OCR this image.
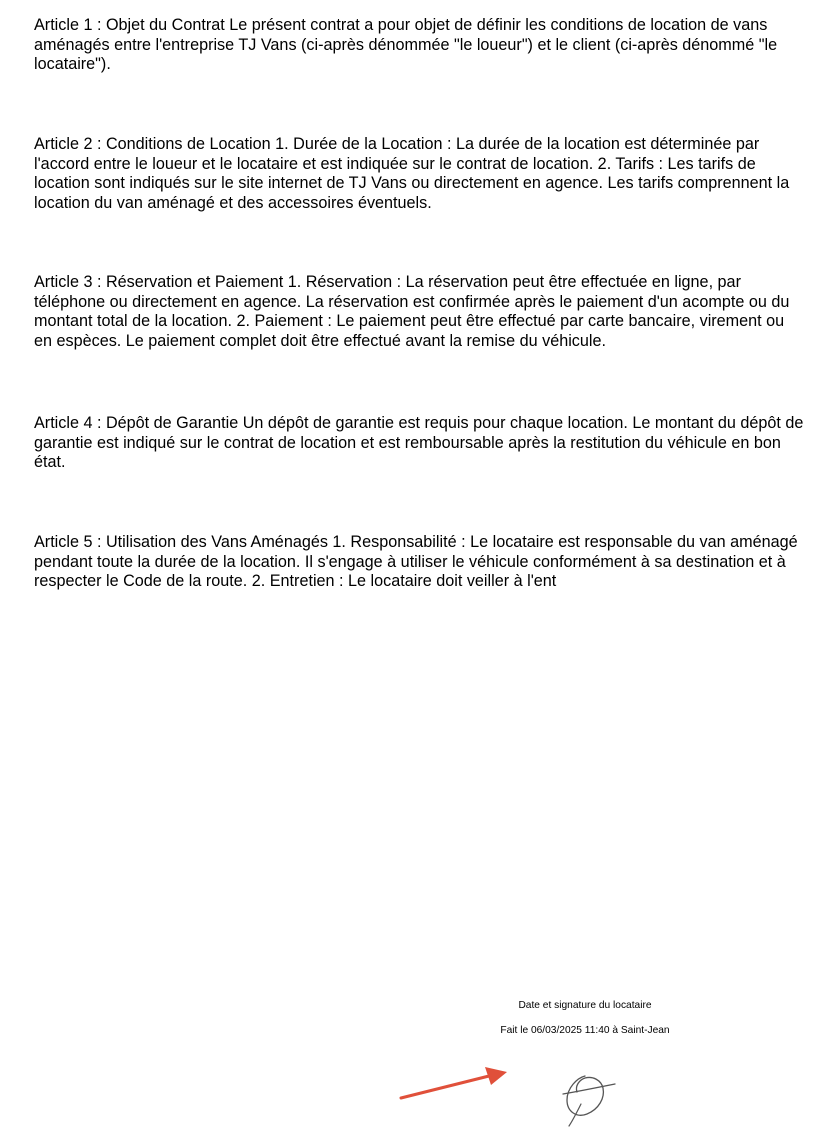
Article 1 : Objet du Contrat Le présent contrat a pour objet de définir les conditions de location de vans aménagés entre l'entreprise TJ Vans (ci-après dénommée "le loueur") et le client (ci-après dénommé "le locataire").

Article 2 : Conditions de Location 1. Durée de la Location : La durée de la location est déterminée par l'accord entre le loueur et le locataire et est indiquée sur le contrat de location. 2. Tarifs : Les tarifs de location sont indiqués sur le site internet de TJ Vans ou directement en agence. Les tarifs comprennent la location du van aménagé et des accessoires éventuels.

Article 3 : Réservation et Paiement 1. Réservation : La réservation peut être effectuée en ligne, par téléphone ou directement en agence. La réservation est confirmée après le paiement d'un acompte ou du montant total de la location. 2. Paiement : Le paiement peut être effectué par carte bancaire, virement ou en espèces. Le paiement complet doit être effectué avant la remise du véhicule.

Article 4 : Dépôt de Garantie Un dépôt de garantie est requis pour chaque location. Le montant du dépôt de garantie est indiqué sur le contrat de location et est remboursable après la restitution du véhicule en bon état.

Article 5 : Utilisation des Vans Aménagés 1. Responsabilité : Le locataire est responsable du van aménagé pendant toute la durée de la location. Il s'engage à utiliser le véhicule conformément à sa destination et à respecter le Code de la route. 2. Entretien : Le locataire doit veiller à l'ent

Date et signature du locataire
Fait le 06/03/2025 11:40 à Saint-Jean
